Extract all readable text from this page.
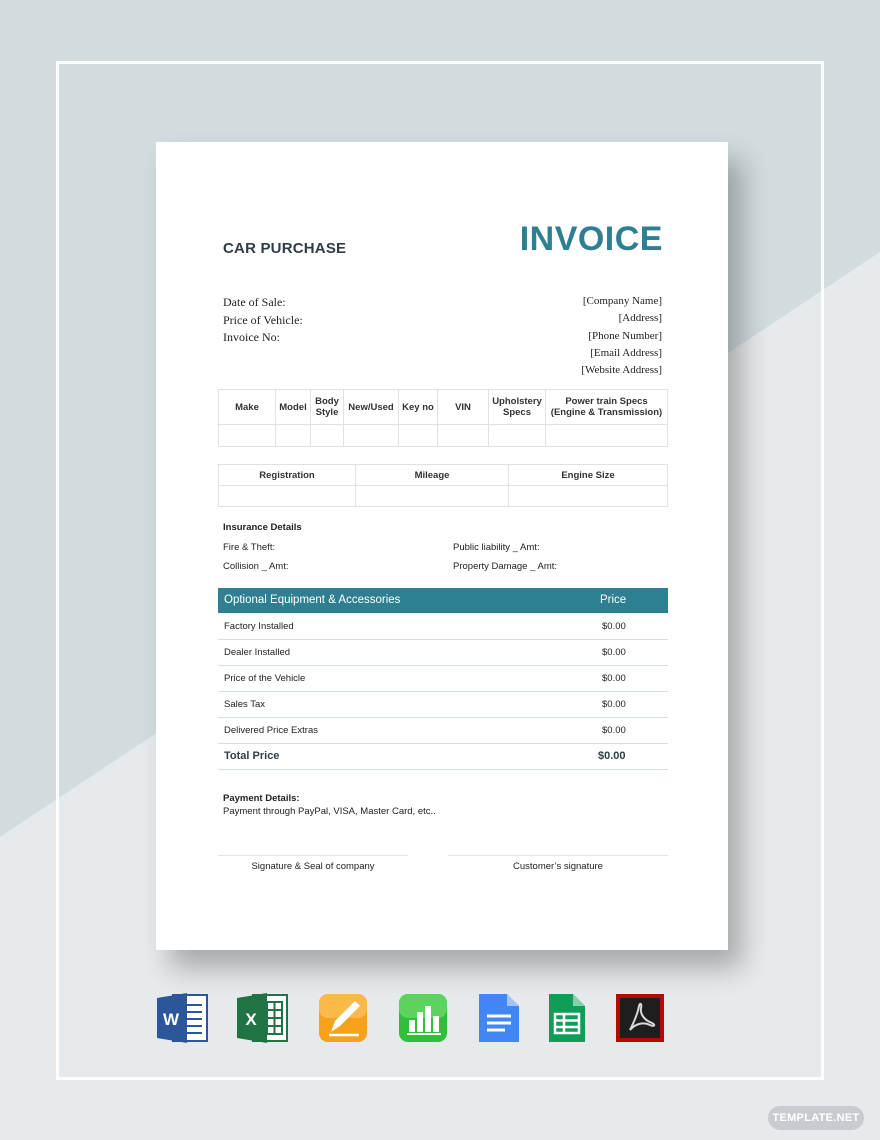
CAR PURCHASE	INVOICE
Date of Sale:
Price of Vehicle:
Invoice No:
[Company Name]
[Address]
[Phone Number]
[Email Address]
[Website Address]
Make	Model	Body Style	New/Used	Key no	VIN	Upholstery Specs	Power train Specs (Engine & Transmission)

Registration	Mileage	Engine Size

Insurance Details
Fire & Theft:
Collision _ Amt:
Public liability _ Amt:
Property Damage _ Amt:
Optional Equipment & Accessories	Price
Factory Installed	$0.00
Dealer Installed	$0.00
Price of the Vehicle	$0.00
Sales Tax	$0.00
Delivered Price Extras	$0.00
Total Price	$0.00
Payment Details:
Payment through PayPal, VISA, Master Card, etc..
Signature & Seal of company	Customer’s signature
W	X
TEMPLATE.NET
